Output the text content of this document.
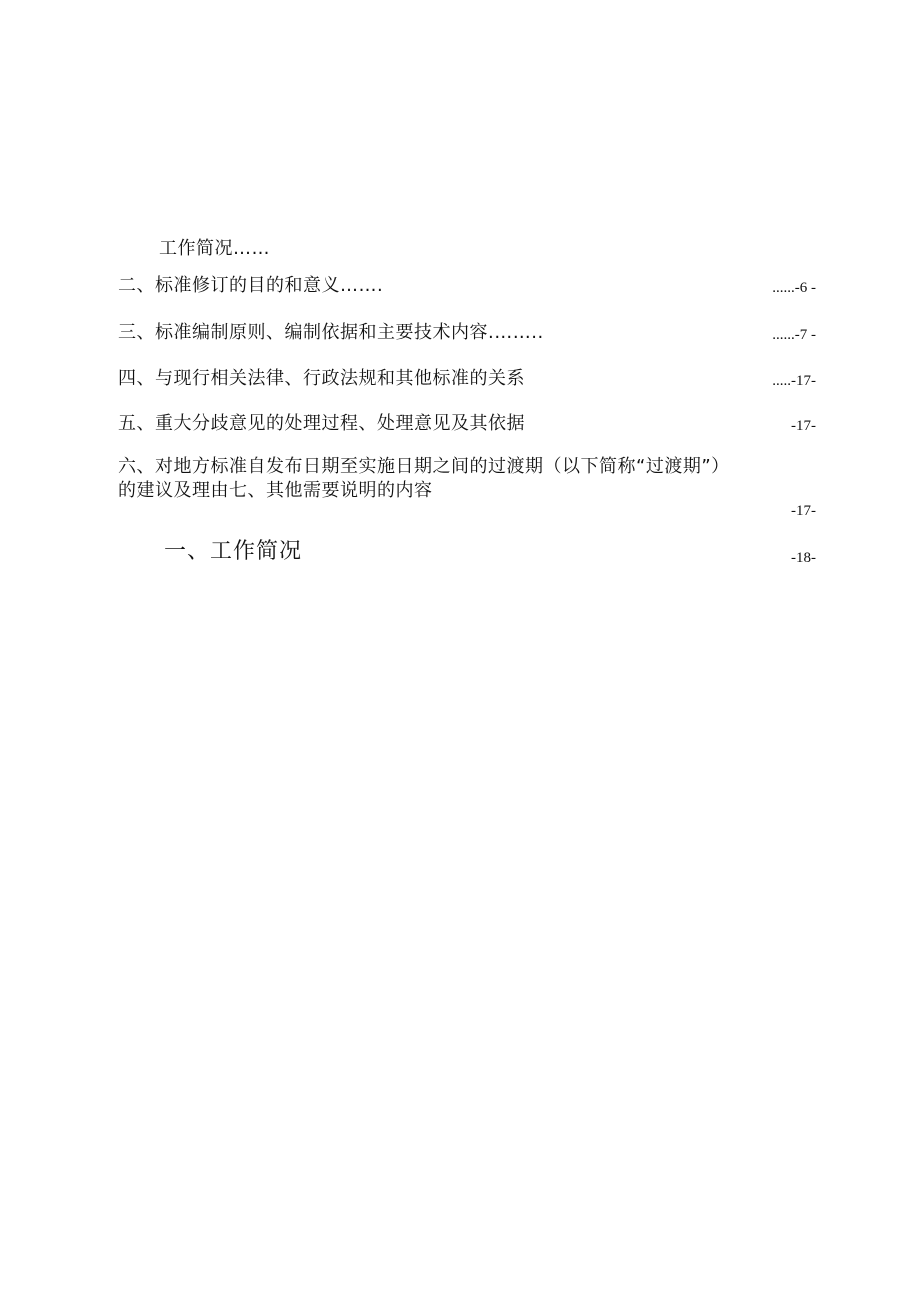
工作简况……
二、标准修订的目的和意义…….	......-6 -
三、标准编制原则、编制依据和主要技术内容.……..	......-7 -
四、与现行相关法律、行政法规和其他标准的关系	.....-17-
五、重大分歧意见的处理过程、处理意见及其依据	-17-
六、对地方标准自发布日期至实施日期之间的过渡期（以下简称“过渡期”）
的建议及理由七、其他需要说明的内容
-17-
一、工作简况	-18-
